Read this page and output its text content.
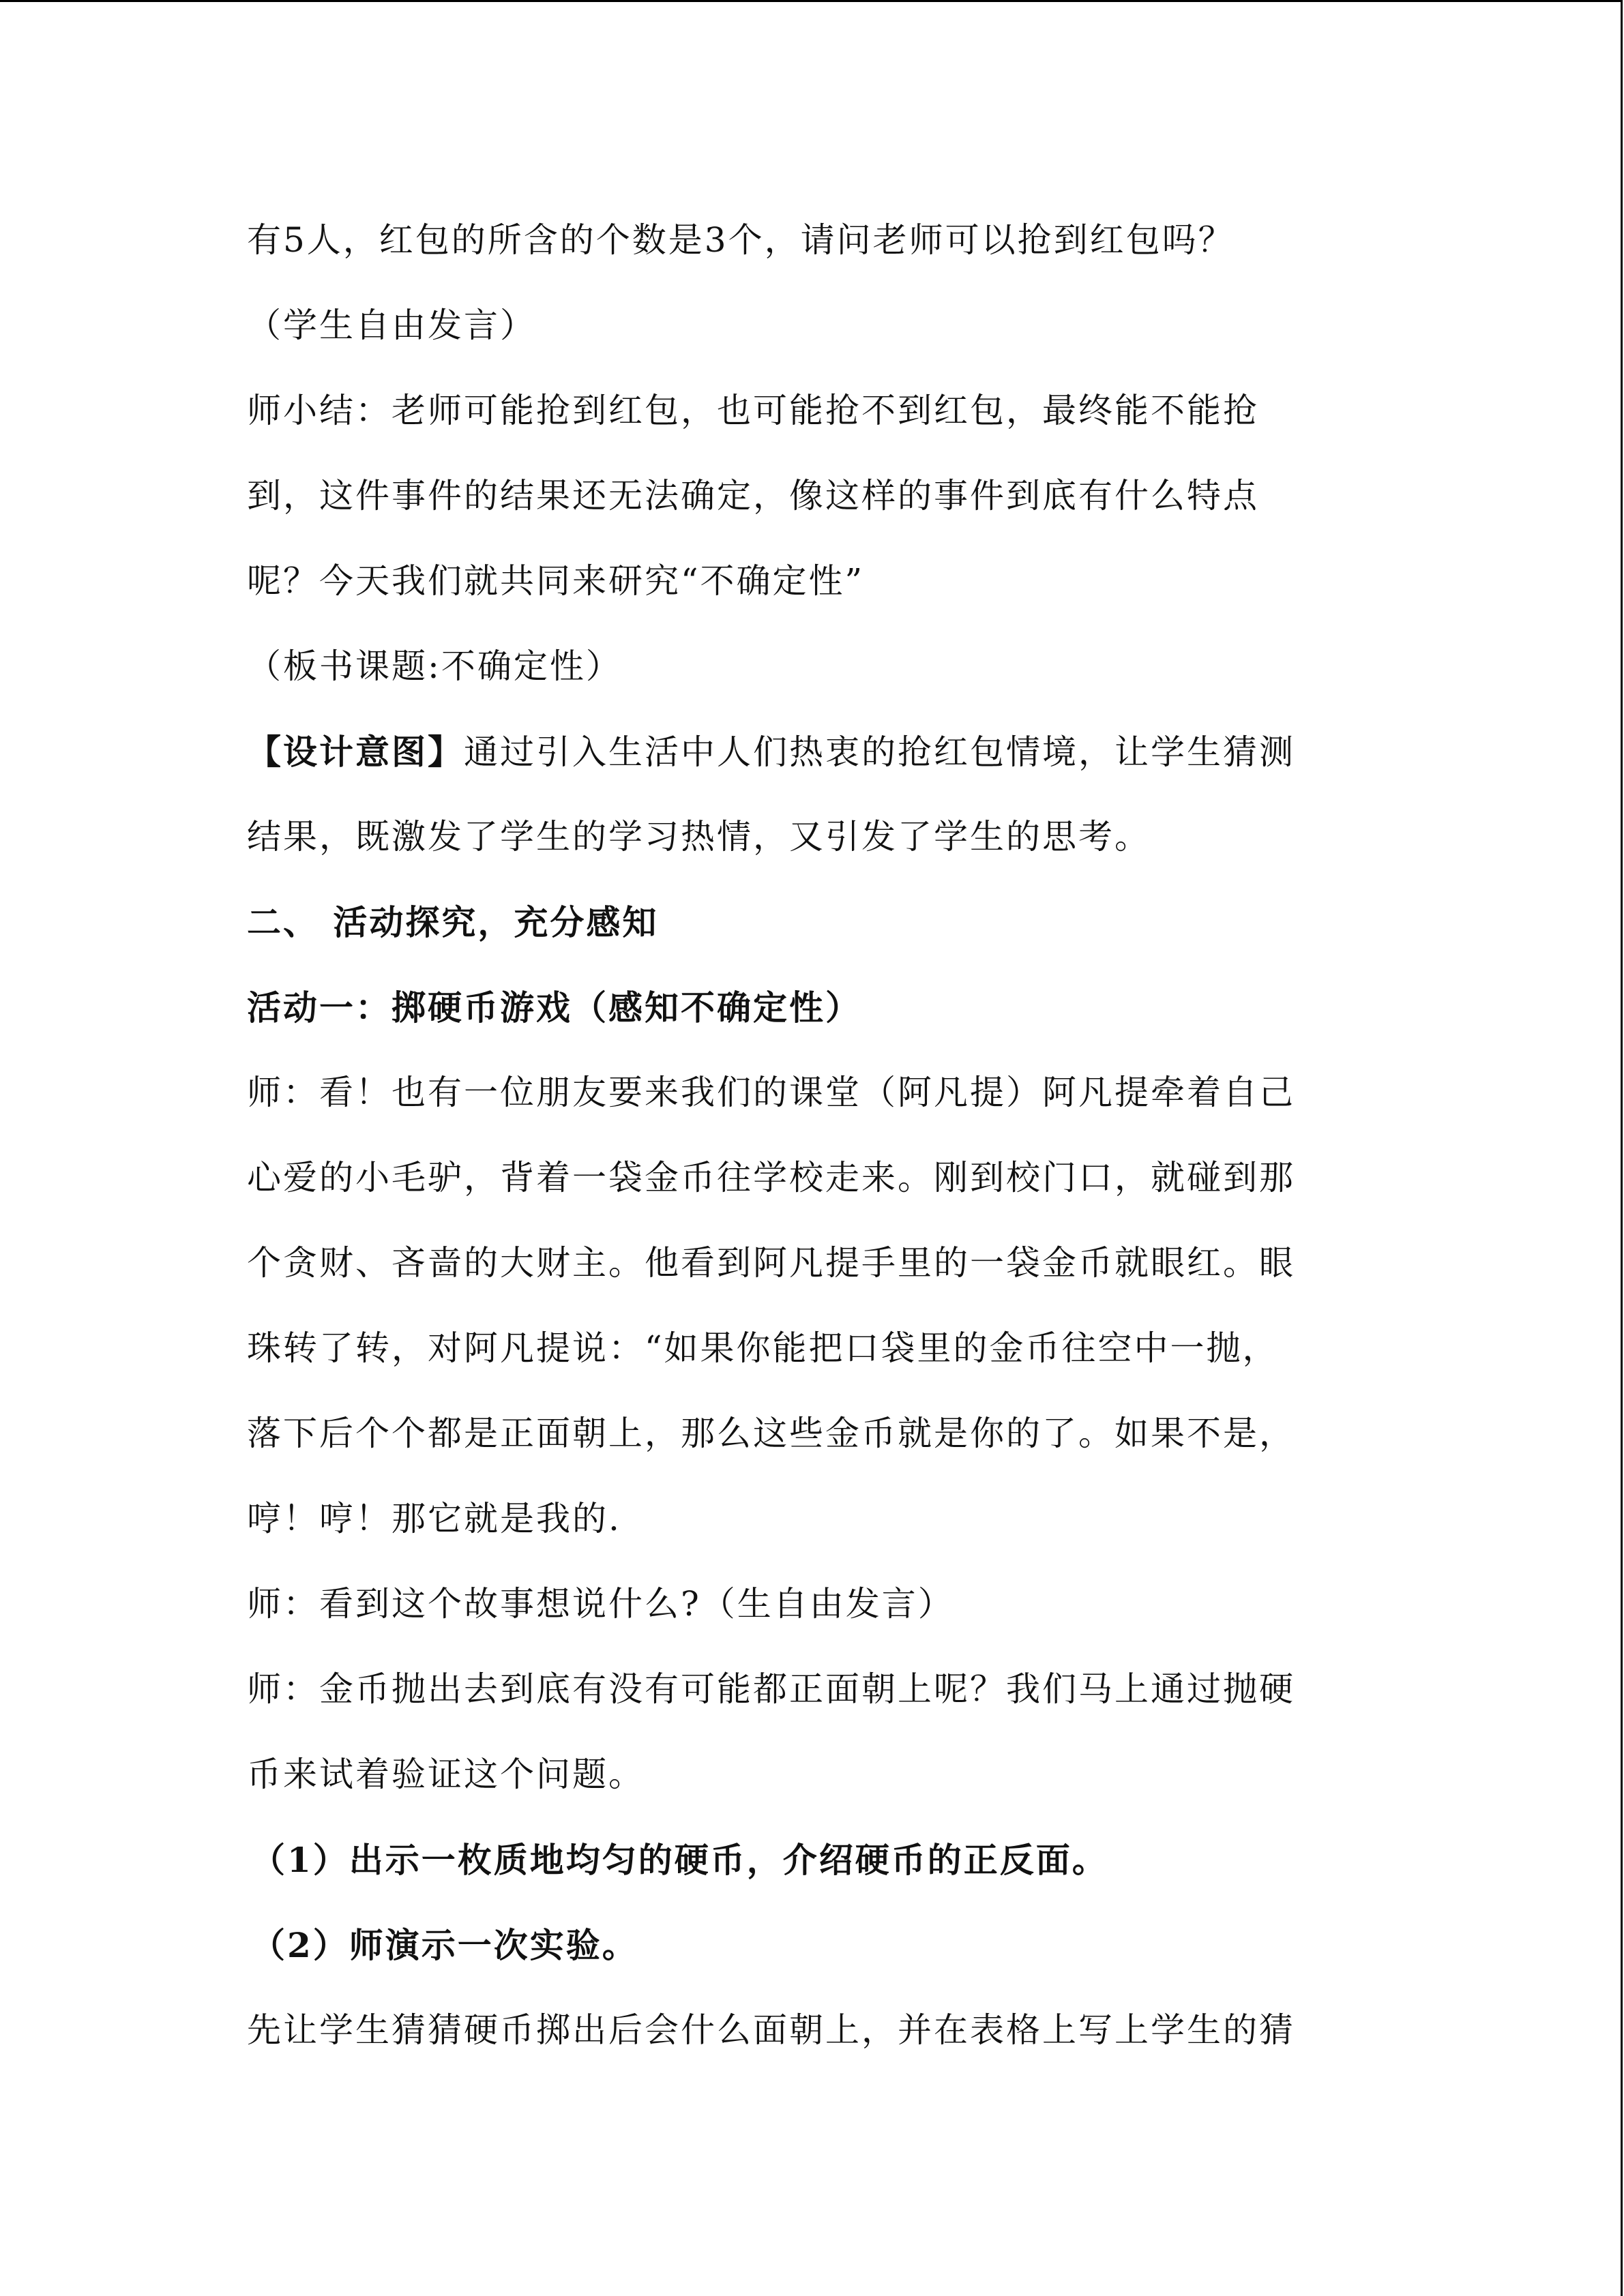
有5人，红包的所含的个数是3个，请问老师可以抢到红包吗？
（学生自由发言）
师小结：老师可能抢到红包，也可能抢不到红包，最终能不能抢
到，这件事件的结果还无法确定，像这样的事件到底有什么特点
呢？今天我们就共同来研究“不确定性”
（板书课题:不确定性）
【设计意图】通过引入生活中人们热衷的抢红包情境，让学生猜测
结果，既激发了学生的学习热情，又引发了学生的思考。
二、 活动探究，充分感知
活动一：掷硬币游戏（感知不确定性）
师：看！也有一位朋友要来我们的课堂（阿凡提）阿凡提牵着自己
心爱的小毛驴，背着一袋金币往学校走来。刚到校门口，就碰到那
个贪财、吝啬的大财主。他看到阿凡提手里的一袋金币就眼红。眼
珠转了转，对阿凡提说：“如果你能把口袋里的金币往空中一抛，
落下后个个都是正面朝上，那么这些金币就是你的了。如果不是，
哼！哼！那它就是我的.
师：看到这个故事想说什么?（生自由发言）
师：金币抛出去到底有没有可能都正面朝上呢？我们马上通过抛硬
币来试着验证这个问题。
（1）出示一枚质地均匀的硬币，介绍硬币的正反面。
（2）师演示一次实验。
先让学生猜猜硬币掷出后会什么面朝上，并在表格上写上学生的猜
